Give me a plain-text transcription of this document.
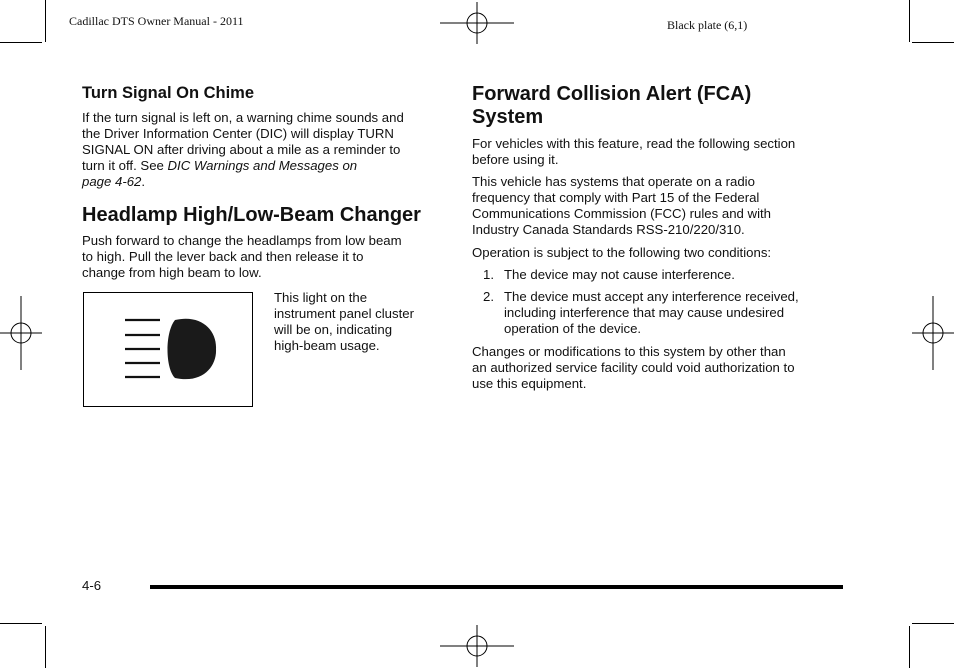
Cadillac DTS Owner Manual - 2011	Black plate (6,1)
Turn Signal On Chime
If the turn signal is left on, a warning chime sounds and
the Driver Information Center (DIC) will display TURN
SIGNAL ON after driving about a mile as a reminder to
turn it off. See DIC Warnings and Messages on
page 4‑62.
Headlamp High/Low-Beam Changer
Push forward to change the headlamps from low beam
to high. Pull the lever back and then release it to
change from high beam to low.
This light on the
instrument panel cluster
will be on, indicating
high-beam usage.
Forward Collision Alert (FCA)
System
For vehicles with this feature, read the following section
before using it.
This vehicle has systems that operate on a radio
frequency that comply with Part 15 of the Federal
Communications Commission (FCC) rules and with
Industry Canada Standards RSS‑210/220/310.
Operation is subject to the following two conditions:
1. The device may not cause interference.
2. The device must accept any interference received,
including interference that may cause undesired
operation of the device.
Changes or modifications to this system by other than
an authorized service facility could void authorization to
use this equipment.
4-6
